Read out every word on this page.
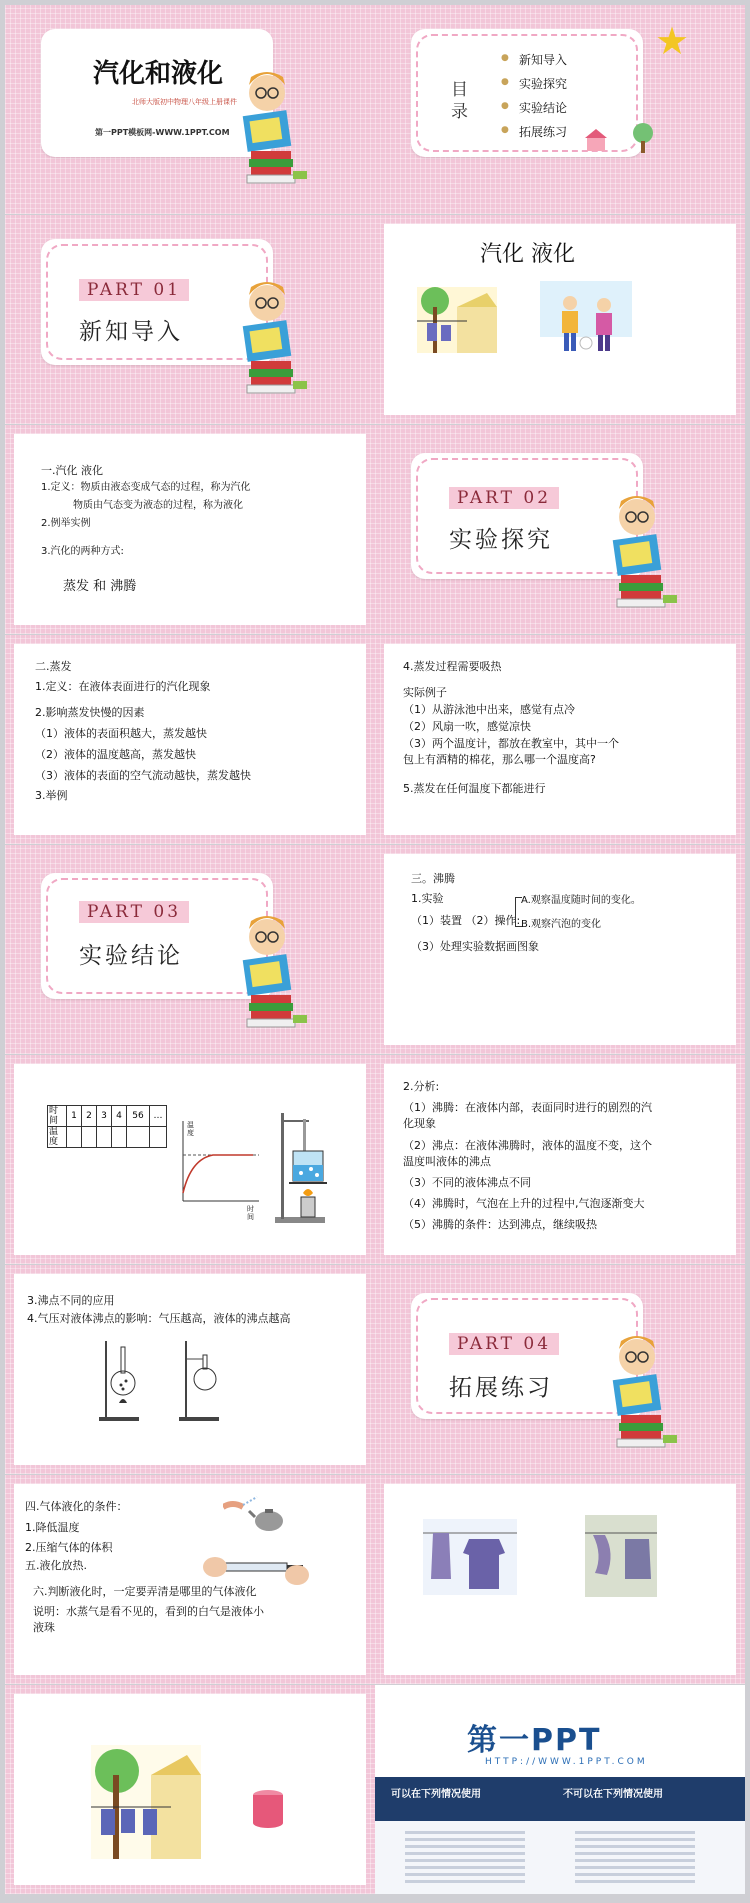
汽化和液化
北师大版初中物理八年级上册课件
第一PPT模板网-WWW.1PPT.COM
目录
新知导入
实验探究
实验结论
拓展练习
●
●
●
●
★
PART 01
新知导入
汽化 液化
一.汽化 液化
1.定义：物质由液态变成气态的过程，称为汽化
物质由气态变为液态的过程，称为液化
2.例举实例
3.汽化的两种方式:
蒸发 和 沸腾
PART 02
实验探究
二.蒸发
1.定义：在液体表面进行的汽化现象
2.影响蒸发快慢的因素
（1）液体的表面积越大，蒸发越快
（2）液体的温度越高，蒸发越快
（3）液体的表面的空气流动越快，蒸发越快
3.举例
4.蒸发过程需要吸热
实际例子
（1）从游泳池中出来，感觉有点冷
（2）风扇一吹，感觉凉快
（3）两个温度计，都放在教室中，其中一个
包上有酒精的棉花，那么哪一个温度高?
5.蒸发在任何温度下都能进行
PART 03
实验结论
三。沸腾
1.实验
（1）装置 （2）操作:
（3）处理实验数据画图象
A.观察温度随时间的变化。
B.观察汽泡的变化
时间	1	2	3	4	56	…
温度						
温度
时间
2.分析:
（1）沸腾：在液体内部，表面同时进行的剧烈的汽
化现象
（2）沸点：在液体沸腾时，液体的温度不变，这个
温度叫液体的沸点
（3）不同的液体沸点不同
（4）沸腾时，气泡在上升的过程中,气泡逐渐变大
（5）沸腾的条件：达到沸点，继续吸热
3.沸点不同的应用
4.气压对液体沸点的影响：气压越高，液体的沸点越高
PART 04
拓展练习
四.气体液化的条件：
1.降低温度
2.压缩气体的体积
五.液化放热.
六.判断液化时，一定要弄清是哪里的气体液化
说明：水蒸气是看不见的，看到的白气是液体小
液珠
第一PPT
HTTP://WWW.1PPT.COM
可以在下列情况使用	不可以在下列情况使用
